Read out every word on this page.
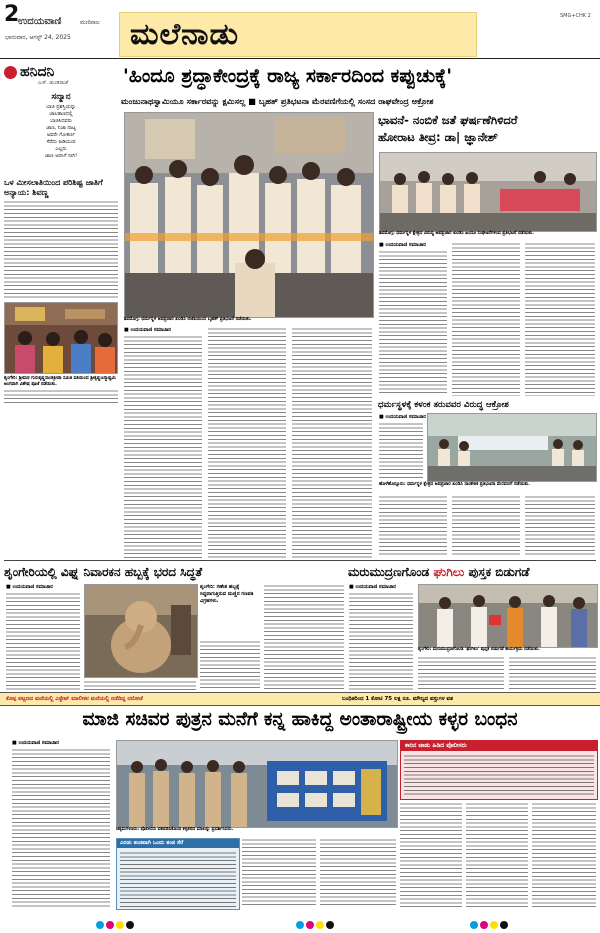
2
ಉದಯವಾಣಿ	ಮಣಿಪಾಲ
ಭಾನುವಾರ, ಆಗಸ್ಟ್ 24, 2025	ಮಲೆನಾಡು
SMG+CHK 2
ಹನಿದನಿ
ಎಚ್. ಡುಂಡಿರಾಜ್
ಸನ್ಮಾನ
ಬಾಚಿ ಪ್ರಶಸ್ತಿಯನ್ನು
ಜಾಲತಾಣದಲ್ಲಿ
ಬಾಚಿಸಿದವರು
ಜಾಣ, ನಿಜಾ ನಾಟ್ಯ
ಅವರೇ ಗೋಕರ್ಣ
ಸೆರೆದು ಹಿಡಿಯುವ
ಎಲ್ಲರು
ಜಾಣ ಅರಸಿಗೆ ನೀಗಿ!
ಒಳ ಮೀಸಲಾತಿಯಿಂದ ಪರಿಶಿಷ್ಟ ಜಾತಿಗೆ ಅನ್ಯಾಯ: ಶಿವಣ್ಣ
ಶೃಂಗೇರಿ: ಶ್ರೀಮಠ ಗುರುಕೃಷ್ಣಸಾಂತಕ್ರೀಡಾ ಸಮಿತಿ ವತಿಯಿಂದ ಶ್ರೀಕೃಷ್ಣಜನ್ಮಾಷ್ಟಮಿ ಅಂಗವಾಗಿ ವಿಶೇಷ ಪೂಜೆ ನಡೆಯಿತು.
'ಹಿಂದೂ ಶ್ರದ್ಧಾಕೇಂದ್ರಕ್ಕೆ ರಾಜ್ಯ ಸರ್ಕಾರದಿಂದ ಕಪ್ಪುಚುಕ್ಕೆ'
ಮಂಜುನಾಥಸ್ವಾಮಿಯೂ ಸರ್ಕಾರವನ್ನು ಕ್ಷಮಿಸಲ್ಲ ■ ಬೃಹತ್ ಪ್ರತಿಭಟನಾ ಮೆರವಣಿಗೆಯಲ್ಲಿ ಸಂಸದ ರಾಘವೇಂದ್ರ ಆಕ್ರೋಶ
ಶಿವಮೊಗ್ಗ: ಧರ್ಮಸ್ಥಳ ಅಪಪ್ರಚಾರ ಖಂಡಿಸಿ ಬಿಜೆಪಿಯಿಂದ ಬೃಹತ್ ಪ್ರತಿಭಟನೆ ನಡೆಯಿತು.
■ ಉದಯವಾಣಿ ಸಮಾಚಾರ
ಭಾವನೆ- ನಂಬಿಕೆ ಜತೆ ಘರ್ಷಣೆಗಿಳಿದರೆ
ಹೋರಾಟ ತೀವ್ರ: ಡಾ| ಜ್ಞಾನೇಶ್
ಶಿವಮೊಗ್ಗ: ಧರ್ಮಸ್ಥಳ ಕ್ಷೇತ್ರದ ವಿರುದ್ಧ ಅಪಪ್ರಚಾರ ಖಂಡಿಸಿ ಹಿಂದೂ ಸಂಘಟನೆಗಳಿಂದ ಪ್ರತಿಭಟನೆ ನಡೆಯಿತು.
■ ಉದಯವಾಣಿ ಸಮಾಚಾರ
ಧರ್ಮಸ್ಥಳಕ್ಕೆ ಕಳಂಕ ತರುವವರ ವಿರುದ್ಧ ಆಕ್ರೋಶ
■ ಉದಯವಾಣಿ ಸಮಾಚಾರ
ಹೊಳೆಹೊನ್ನೂರು: ಧರ್ಮಸ್ಥಳ ಕ್ಷೇತ್ರದ ಅಪಪ್ರಚಾರ ಖಂಡಿಸಿ ಸಾಂಕೇತಿಕ ಪ್ರತಿಭಟನಾ ಮೆರವಣಿಗೆ ನಡೆಯಿತು.
ಶೃಂಗೇರಿಯಲ್ಲಿ ವಿಘ್ನ ನಿವಾರಕನ ಹಬ್ಬಕ್ಕೆ ಭರದ ಸಿದ್ಧತೆ
■ ಉದಯವಾಣಿ ಸಮಾಚಾರ	ಶೃಂಗೇರಿ: ಗಣೇಶ ಹಬ್ಬಕ್ಕೆ ಸಿದ್ಧವಾಗುತ್ತಿರುವ ಮಣ್ಣಿನ ಗಣಪತಿ ವಿಗ್ರಹಗಳು.
ಮರುಮುದ್ರಣಗೊಂಡ ಘುಗಿಲು ಪುಸ್ತಕ ಬಿಡುಗಡೆ
■ ಉದಯವಾಣಿ ಸಮಾಚಾರ
ಶೃಂಗೇರಿ: ಮರುಮುದ್ರಣಗೊಂಡ 'ಘುಗಿಲು' ಪುಸ್ತಕ ಬಿಡುಗಡೆ ಕಾರ್ಯಕ್ರಮ ನಡೆಯಿತು.
ಕೊಪ್ಪ ಪಟ್ಟಣದ ಮನೆಯಲ್ಲಿ ಎಸ್ಟೇಟ್‌ ಮಾಲೀಕರ ಮನೆಯಲ್ಲಿ ನಡೆದಿದ್ದ ದರೋಡೆ	ಬಂಧಿತರಿಂದ 1 ಕೋಟಿ 75 ಲಕ್ಷ ರೂ. ಮೌಲ್ಯದ ವಸ್ತುಗಳ ವಶ
ಮಾಜಿ ಸಚಿವರ ಪುತ್ರನ ಮನೆಗೆ ಕನ್ನ ಹಾಕಿದ್ದ ಅಂತಾರಾಷ್ಟ್ರೀಯ ಕಳ್ಳರ ಬಂಧನ
■ ಉದಯವಾಣಿ ಸಮಾಚಾರ
ಚಿಕ್ಕಮಗಳೂರು: ಪೊಲೀಸರು ವಶಪಡಿಸಿಕೊಂಡ ಕಳ್ಳತನದ ಮಾಲನ್ನು ಪ್ರದರ್ಶಿಸಿದರು.
ಎರಡು ತಂಡವಾಗಿ ಒಂದು ತಂಡ ಸೆರೆ
ಕಾರಿನ ಜಾಡು ಹಿಡಿದ ಪೊಲೀಸರು
